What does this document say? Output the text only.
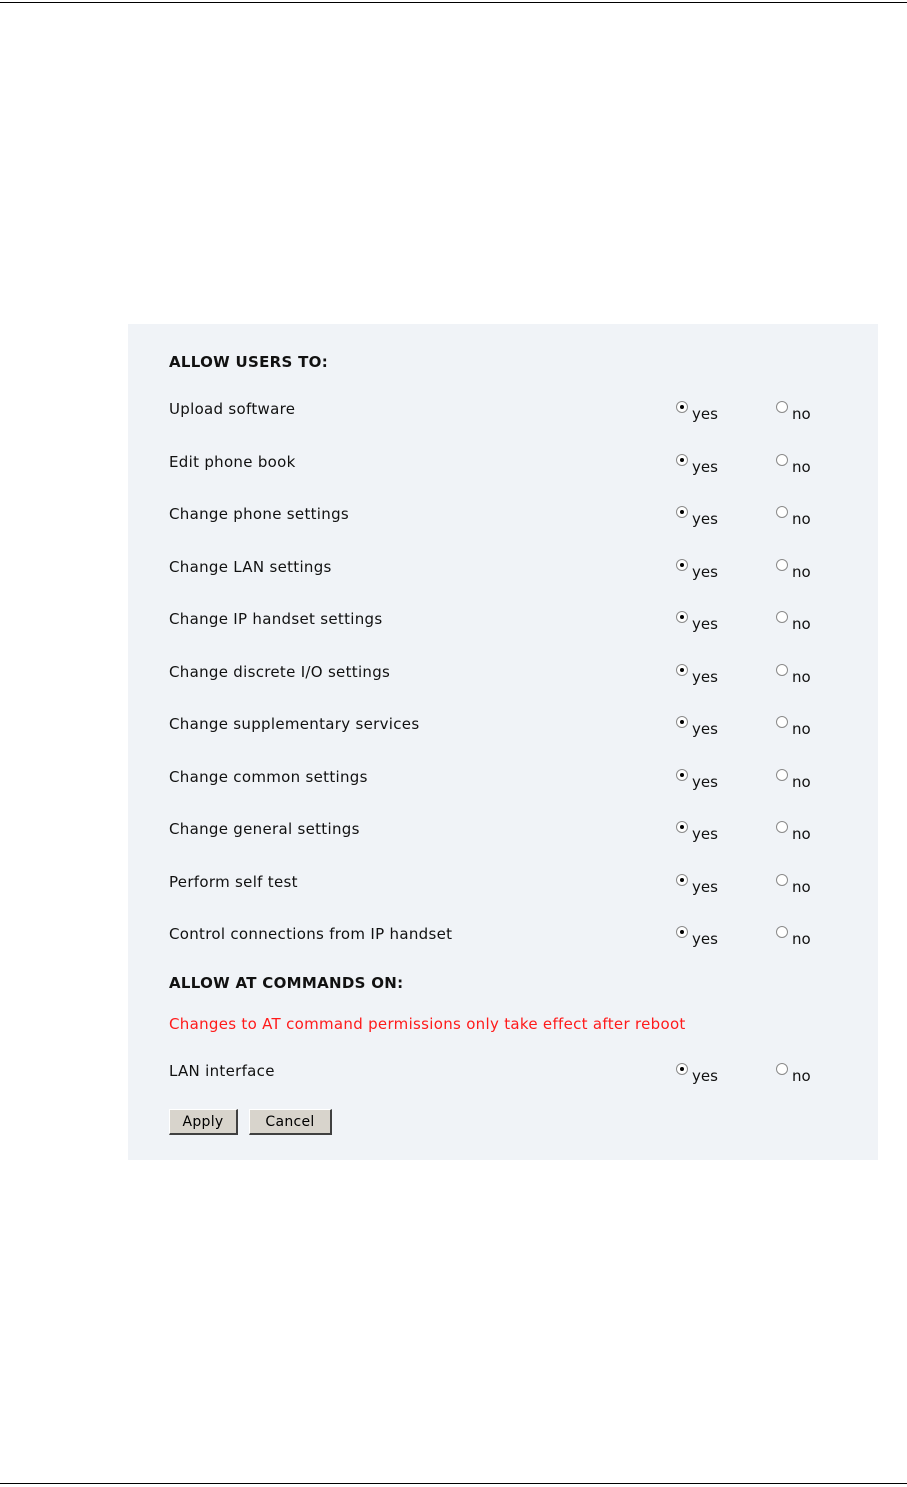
ALLOW USERS TO:
Upload software	yes	no
Edit phone book	yes	no
Change phone settings	yes	no
Change LAN settings	yes	no
Change IP handset settings	yes	no
Change discrete I/O settings	yes	no
Change supplementary services	yes	no
Change common settings	yes	no
Change general settings	yes	no
Perform self test	yes	no
Control connections from IP handset	yes	no
ALLOW AT COMMANDS ON:
Changes to AT command permissions only take effect after reboot
LAN interface	yes	no
Apply	Cancel
